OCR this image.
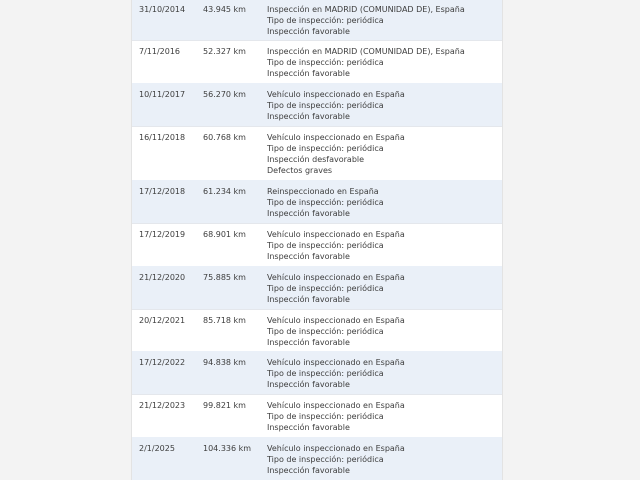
31/10/2014 43.945 km	Inspección en MADRID (COMUNIDAD DE), España
Tipo de inspección: periódica
Inspección favorable
7/11/2016	52.327 km	Inspección en MADRID (COMUNIDAD DE), España
Tipo de inspección: periódica
Inspección favorable
10/11/2017 56.270 km	Vehículo inspeccionado en España
Tipo de inspección: periódica
Inspección favorable
16/11/2018 60.768 km	Vehículo inspeccionado en España
Tipo de inspección: periódica
Inspección desfavorable
Defectos graves
17/12/2018 61.234 km	Reinspeccionado en España
Tipo de inspección: periódica
Inspección favorable
17/12/2019 68.901 km	Vehículo inspeccionado en España
Tipo de inspección: periódica
Inspección favorable
21/12/2020 75.885 km	Vehículo inspeccionado en España
Tipo de inspección: periódica
Inspección favorable
20/12/2021 85.718 km	Vehículo inspeccionado en España
Tipo de inspección: periódica
Inspección favorable
17/12/2022 94.838 km	Vehículo inspeccionado en España
Tipo de inspección: periódica
Inspección favorable
21/12/2023 99.821 km	Vehículo inspeccionado en España
Tipo de inspección: periódica
Inspección favorable
2/1/2025	104.336 km Vehículo inspeccionado en España
Tipo de inspección: periódica
Inspección favorable
